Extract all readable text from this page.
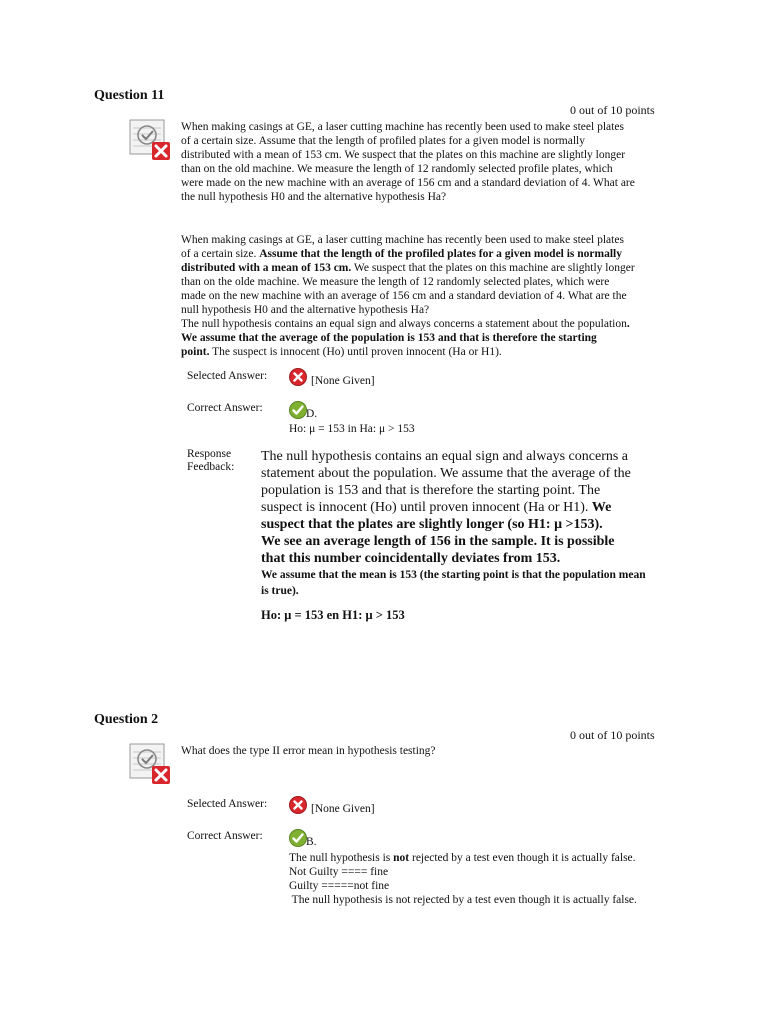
Question 11
0 out of 10 points

When making casings at GE, a laser cutting machine has recently been used to make steel plates

of a certain size. Assume that the length of profiled plates for a given model is normally

distributed with a mean of 153 cm. We suspect that the plates on this machine are slightly longer

than on the old machine. We measure the length of 12 randomly selected profile plates, which

were made on the new machine with an average of 156 cm and a standard deviation of 4. What are

the null hypothesis H0 and the alternative hypothesis Ha?

When making casings at GE, a laser cutting machine has recently been used to make steel plates

of a certain size. Assume that the length of the profiled plates for a given model is normally

distributed with a mean of 153 cm. We suspect that the plates on this machine are slightly longer

than on the olde machine. We measure the length of 12 randomly selected plates, which were

made on the new machine with an average of 156 cm and a standard deviation of 4. What are the

null hypothesis H0 and the alternative hypothesis Ha?

The null hypothesis contains an equal sign and always concerns a statement about the population.

We assume that the average of the population is 153 and that is therefore the starting

point. The suspect is innocent (Ho) until proven innocent (Ha or H1).

Selected Answer:	[None Given]
Correct Answer:	D.
Ho: μ = 153 in Ha: μ > 153

Response

Feedback:

The null hypothesis contains an equal sign and always concerns a

statement about the population. We assume that the average of the

population is 153 and that is therefore the starting point. The

suspect is innocent (Ho) until proven innocent (Ha or H1). We

suspect that the plates are slightly longer (so H1: μ >153).

We see an average length of 156 in the sample. It is possible

that this number coincidentally deviates from 153.

We assume that the mean is 153 (the starting point is that the population mean

is true).

Ho: μ = 153 en H1: μ > 153

Question 2
0 out of 10 points
What does the type II error mean in hypothesis testing?
Selected Answer:	[None Given]
Correct Answer:	B.

The null hypothesis is not rejected by a test even though it is actually false.

Not Guilty ==== fine

Guilty =====not fine

The null hypothesis is not rejected by a test even though it is actually false.
